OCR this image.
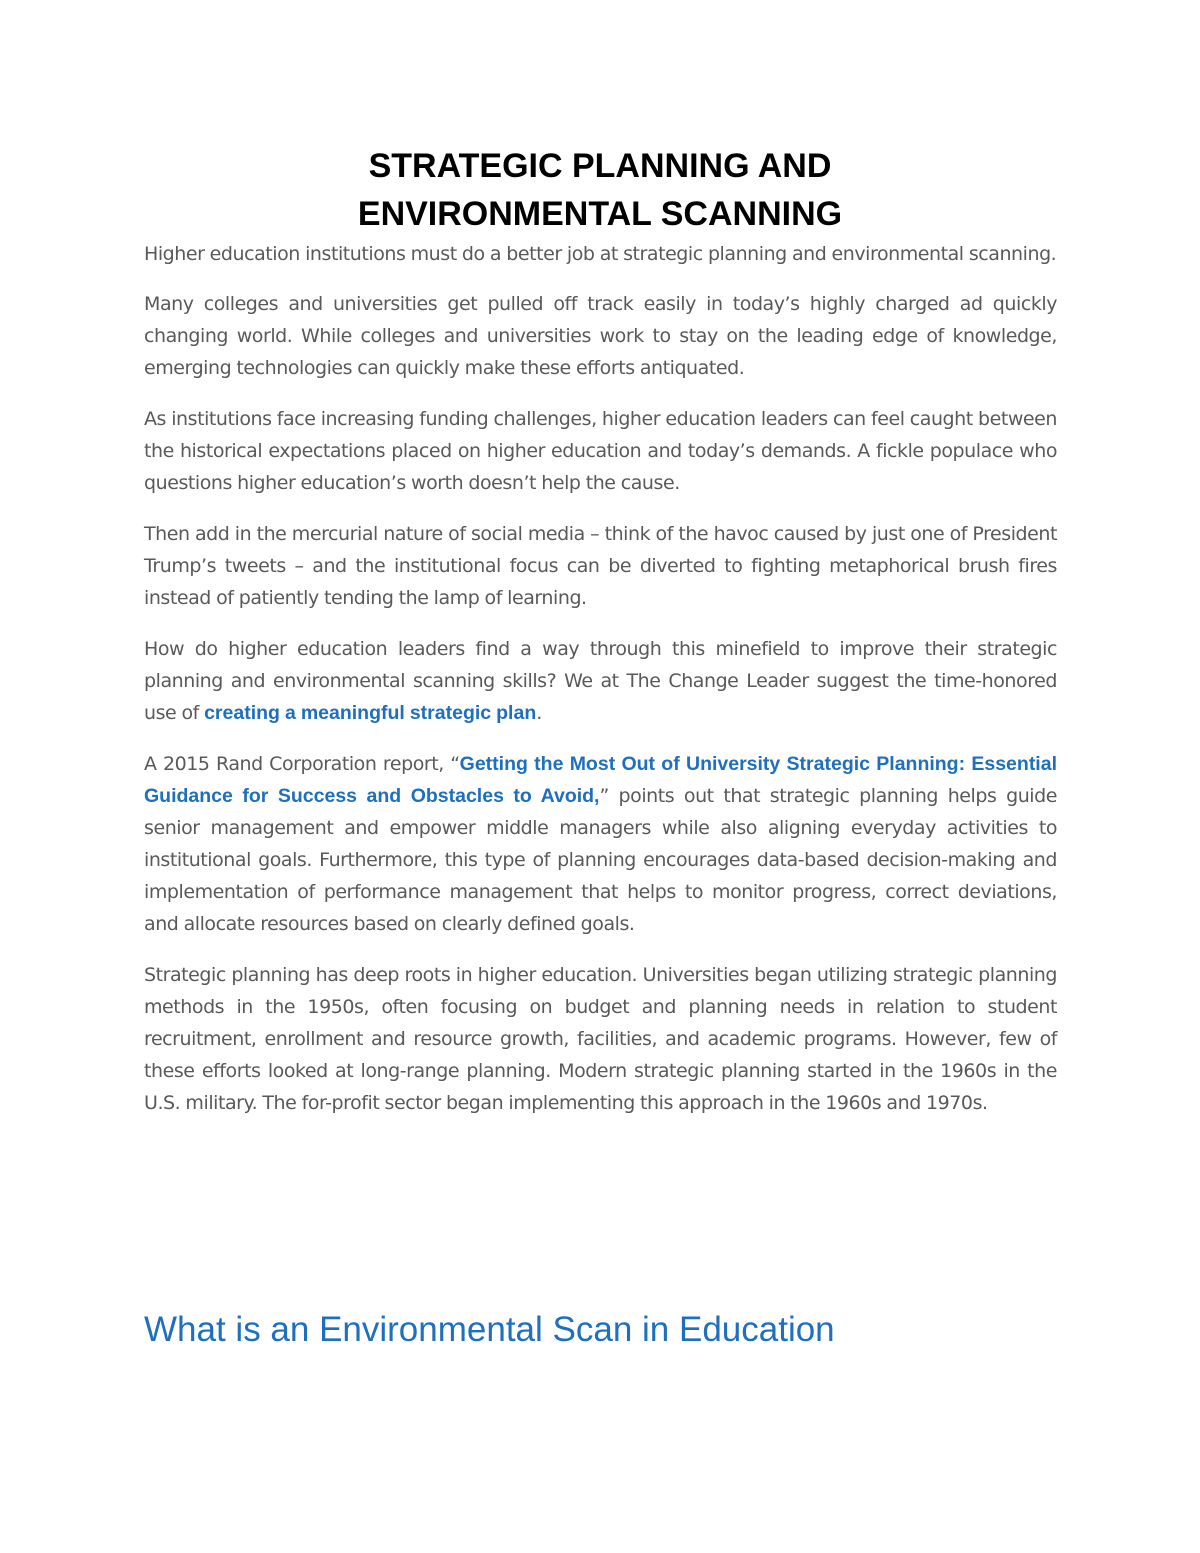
STRATEGIC PLANNING AND
ENVIRONMENTAL SCANNING

Higher education institutions must do a better job at strategic planning and environmental scanning.

Many colleges and universities get pulled off track easily in today’s highly charged ad quickly changing world. While colleges and universities work to stay on the leading edge of knowledge, emerging technologies can quickly make these efforts antiquated.

As institutions face increasing funding challenges, higher education leaders can feel caught between the historical expectations placed on higher education and today’s demands. A fickle populace who questions higher education’s worth doesn’t help the cause.

Then add in the mercurial nature of social media – think of the havoc caused by just one of President Trump’s tweets – and the institutional focus can be diverted to fighting metaphorical brush fires instead of patiently tending the lamp of learning.

How do higher education leaders find a way through this minefield to improve their strategic planning and environmental scanning skills? We at The Change Leader suggest the time-honored use of creating a meaningful strategic plan.

A 2015 Rand Corporation report, “Getting the Most Out of University Strategic Planning: Essential Guidance for Success and Obstacles to Avoid,” points out that strategic planning helps guide senior management and empower middle managers while also aligning everyday activities to institutional goals. Furthermore, this type of planning encourages data-based decision-making and implementation of performance management that helps to monitor progress, correct deviations, and allocate resources based on clearly defined goals.

Strategic planning has deep roots in higher education. Universities began utilizing strategic planning methods in the 1950s, often focusing on budget and planning needs in relation to student recruitment, enrollment and resource growth, facilities, and academic programs. However, few of these efforts looked at long-range planning. Modern strategic planning started in the 1960s in the U.S. military. The for-profit sector began implementing this approach in the 1960s and 1970s.

What is an Environmental Scan in Education
